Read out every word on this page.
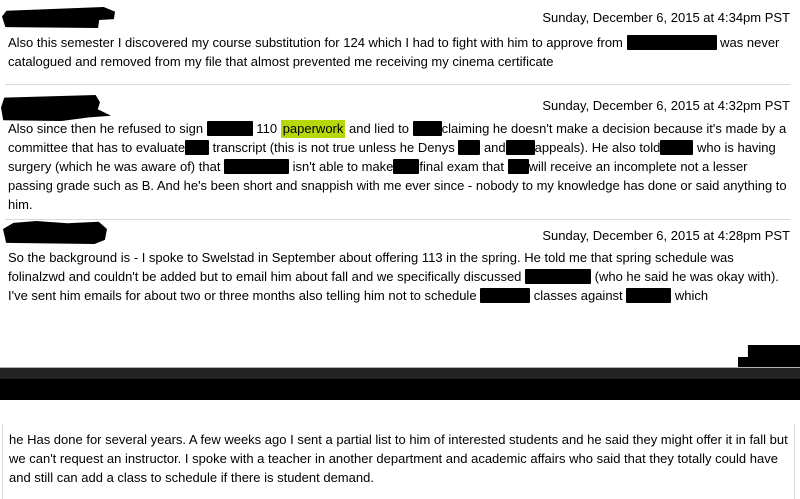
Sunday, December 6, 2015 at 4:34pm PST
Also this semester I discovered my course substitution for 124 which I had to fight with him to approve from	was never catalogued and removed from my file that almost prevented me receiving my cinema certificate
Sunday, December 6, 2015 at 4:32pm PST
Also since then he refused to sign	110 paperwork and lied to claiming he doesn't make a decision because it's made by a committee that has to evaluate transcript (this is not true unless he Denys  and appeals). He also told	who is having surgery (which he was aware of) that	isn't able to make final exam that will receive an incomplete not a lesser passing grade such as B. And he's been short and snappish with me ever since - nobody to my knowledge has done or said anything to him.
Sunday, December 6, 2015 at 4:28pm PST
So the background is - I spoke to Swelstad in September about offering 113 in the spring. He told me that spring schedule was folinalzwd and couldn't be added but to email him about fall and we specifically discussed	(who he said he was okay with). I've sent him emails for about two or three months also telling him not to schedule	classes against	which

he Has done for several years. A few weeks ago I sent a partial list to him of interested students and he said they might offer it in fall but we can't request an instructor. I spoke with a teacher in another department and academic affairs who said that they totally could have and still can add a class to schedule if there is student demand.
